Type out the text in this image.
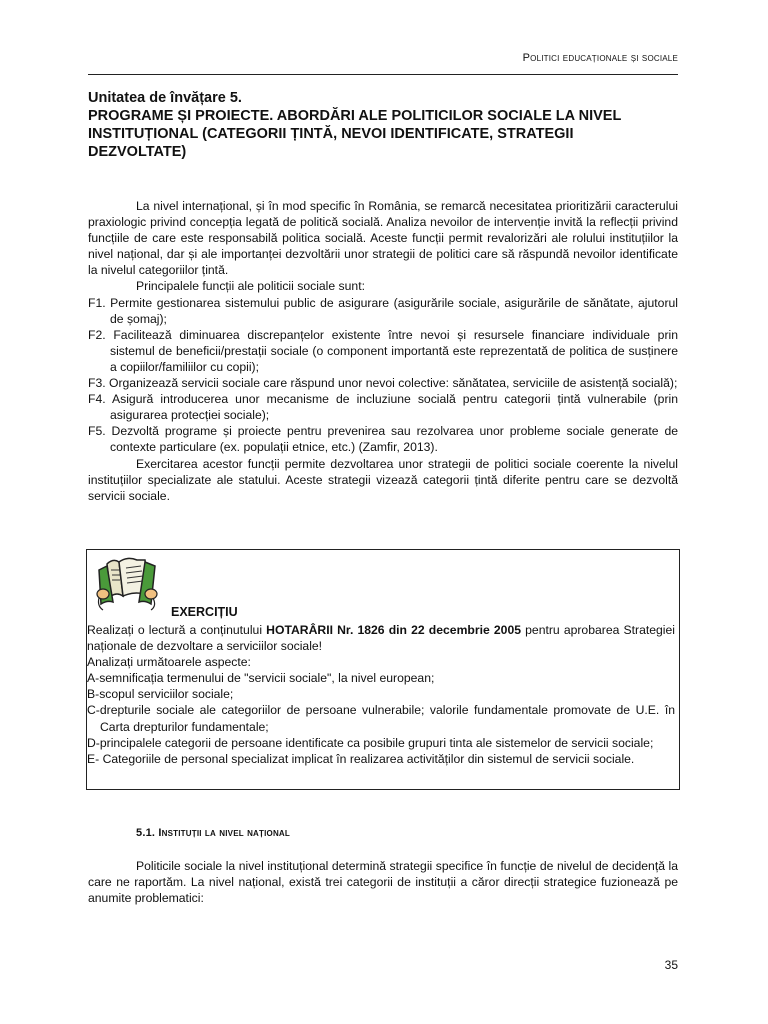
Politici educaționale și sociale
Unitatea de învățare 5.
PROGRAME ȘI PROIECTE. ABORDĂRI ALE POLITICILOR SOCIALE LA NIVEL INSTITUȚIONAL (CATEGORII ȚINTĂ, NEVOI IDENTIFICATE, STRATEGII DEZVOLTATE)

La nivel internațional, și în mod specific în România, se remarcă necesitatea prioritizării caracterului praxiologic privind concepția legată de politică socială. Analiza nevoilor de intervenție invită la reflecții privind funcțiile de care este responsabilă politica socială. Aceste funcții permit revalorizări ale rolului instituțiilor la nivel național, dar și ale importanței dezvoltării unor strategii de politici care să răspundă nevoilor identificate la nivelul categoriilor țintă.

Principalele funcții ale politicii sociale sunt:

F1. Permite gestionarea sistemului public de asigurare (asigurările sociale, asigurările de sănătate, ajutorul de șomaj);

F2. Facilitează diminuarea discrepanțelor existente între nevoi și resursele financiare individuale prin sistemul de beneficii/prestații sociale (o component importantă este reprezentată de politica de susținere a copiilor/familiilor cu copii);

F3. Organizează servicii sociale care răspund unor nevoi colective: sănătatea, serviciile de asistență socială);

F4. Asigură introducerea unor mecanisme de incluziune socială pentru categorii țintă vulnerabile (prin asigurarea protecției sociale);

F5. Dezvoltă programe și proiecte pentru prevenirea sau rezolvarea unor probleme sociale generate de contexte particulare (ex. populații etnice, etc.) (Zamfir, 2013).

Exercitarea acestor funcții permite dezvoltarea unor strategii de politici sociale coerente la nivelul instituțiilor specializate ale statului. Aceste strategii vizează categorii țintă diferite pentru care se dezvoltă servicii sociale.

EXERCIȚIU

Realizați o lectură a conținutului HOTARÂRII Nr. 1826 din 22 decembrie 2005 pentru aprobarea Strategiei naționale de dezvoltare a serviciilor sociale!

Analizați următoarele aspecte:

A-semnificația termenului de "servicii sociale", la nivel european;

B-scopul serviciilor sociale;

C-drepturile sociale ale categoriilor de persoane vulnerabile; valorile fundamentale promovate de U.E. în Carta drepturilor fundamentale;

D-principalele categorii de persoane identificate ca posibile grupuri tinta ale sistemelor de servicii sociale;

E- Categoriile de personal specializat implicat în realizarea activităților din sistemul de servicii sociale.

5.1. Instituții la nivel național

Politicile sociale la nivel instituțional determină strategii specifice în funcție de nivelul de decidență la care ne raportăm. La nivel național, există trei categorii de instituții a căror direcții strategice fuzionează pe anumite problematici:

35
